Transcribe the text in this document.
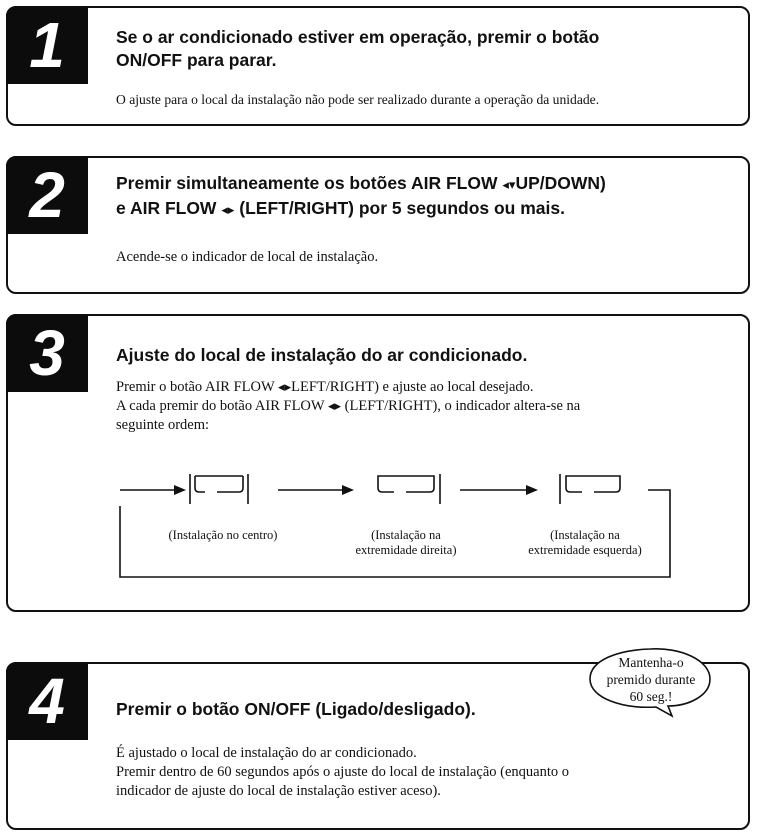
1	Se o ar condicionado estiver em operação, premir o botão
ON/OFF para parar.
O ajuste para o local da instalação não pode ser realizado durante a operação da unidade.
2	Premir simultaneamente os botões AIR FLOW ◂▾UP/DOWN)
e AIR FLOW ◂▸ (LEFT/RIGHT) por 5 segundos ou mais.
Acende-se o indicador de local de instalação.
3	Ajuste do local de instalação do ar condicionado.
Premir o botão AIR FLOW ◂▸LEFT/RIGHT) e ajuste ao local desejado.
A cada premir do botão AIR FLOW ◂▸ (LEFT/RIGHT), o indicador altera-se na
seguinte ordem:
(Instalação no centro)	(Instalação na
extremidade direita)
(Instalação na
extremidade esquerda)
4	Premir o botão ON/OFF (Ligado/desligado).
É ajustado o local de instalação do ar condicionado.
Premir dentro de 60 segundos após o ajuste do local de instalação (enquanto o
indicador de ajuste do local de instalação estiver aceso).
Mantenha-o
premido durante
60 seg.!
